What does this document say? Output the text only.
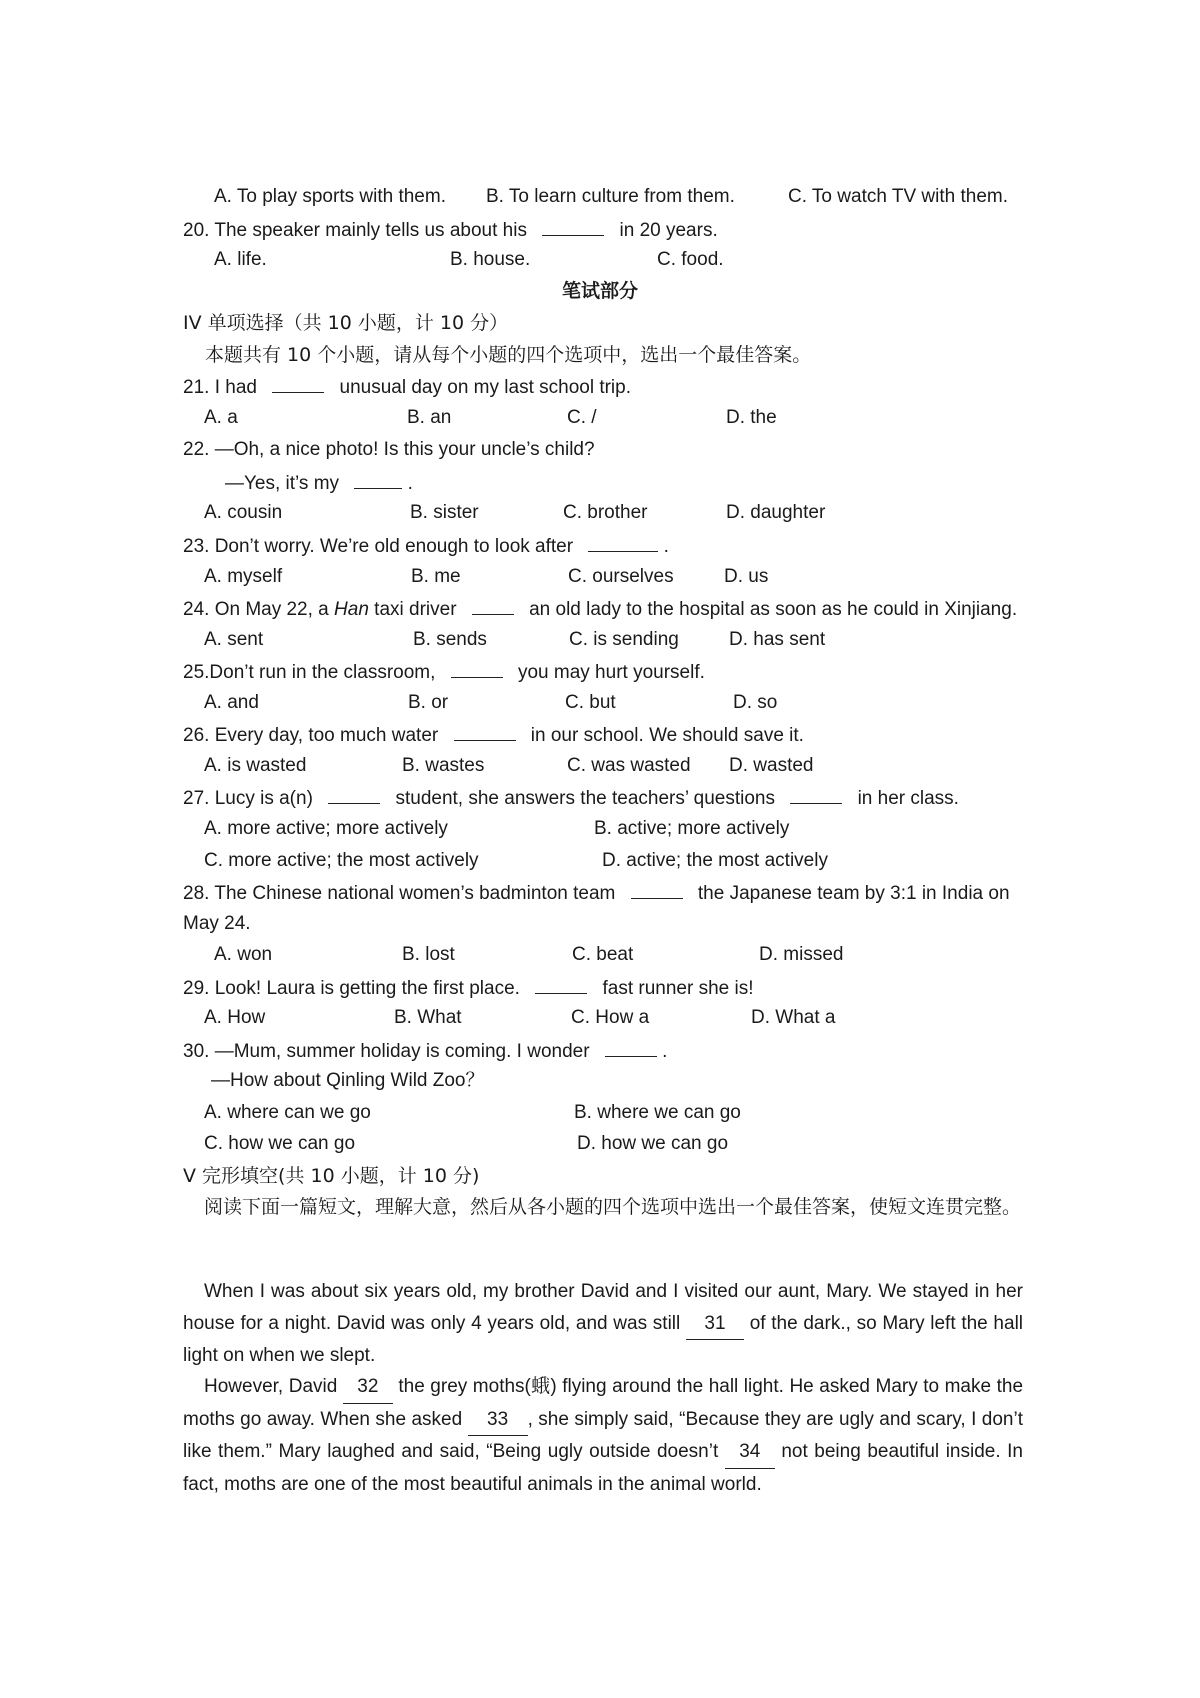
A. To play sports with them. B. To learn culture from them.	C. To watch TV with them.
20. The speaker mainly tells us about his	in 20 years.
A. life.	B. house.	C. food.
笔试部分
IV 单项选择（共 10 小题，计 10 分）
本题共有 10 个小题，请从每个小题的四个选项中，选出一个最佳答案。
21. I had	unusual day on my last school trip.
A. a	B. an	C. /	D. the
22. —Oh, a nice photo! Is this your uncle’s child?
—Yes, it’s my	.
A. cousin	B. sister	C. brother	D. daughter
23. Don’t worry. We’re old enough to look after	.
A. myself	B. me	C. ourselves	D. us
24. On May 22, a Han taxi driver	an old lady to the hospital as soon as he could in Xinjiang.
A. sent	B. sends	C. is sending	D. has sent
25.Don’t run in the classroom,	you may hurt yourself.
A. and	B. or	C. but	D. so
26. Every day, too much water	in our school. We should save it.
A. is wasted	B. wastes	C. was wasted D. wasted
27. Lucy is a(n)	student, she answers the teachers’ questions	in her class.
A. more active; more actively	B. active; more actively
C. more active; the most actively	D. active; the most actively
28. The Chinese national women’s badminton team	the Japanese team by 3:1 in India on
May 24.
A. won	B. lost	C. beat	D. missed
29. Look! Laura is getting the first place.	fast runner she is!
A. How	B. What	C. How a	D. What a
30. —Mum, summer holiday is coming. I wonder	.
—How about Qinling Wild Zoo？
A. where can we go	B. where we can go
C. how we can go	D. how we can go
V 完形填空(共 10 小题，计 10 分)
阅读下面一篇短文，理解大意，然后从各小题的四个选项中选出一个最佳答案，使短文连贯完整。
When I was about six years old, my brother David and I visited our aunt, Mary. We stayed in her house for a night. David was only 4 years old, and was still 31 of the dark., so Mary left the hall light on when we slept.
However, David 32 the grey moths(蛾) flying around the hall light. He asked Mary to make the moths go away. When she asked 33 , she simply said, “Because they are ugly and scary, I don’t like them.” Mary laughed and said, “Being ugly outside doesn’t 34 not being beautiful inside. In fact, moths are one of the most beautiful animals in the animal world.
